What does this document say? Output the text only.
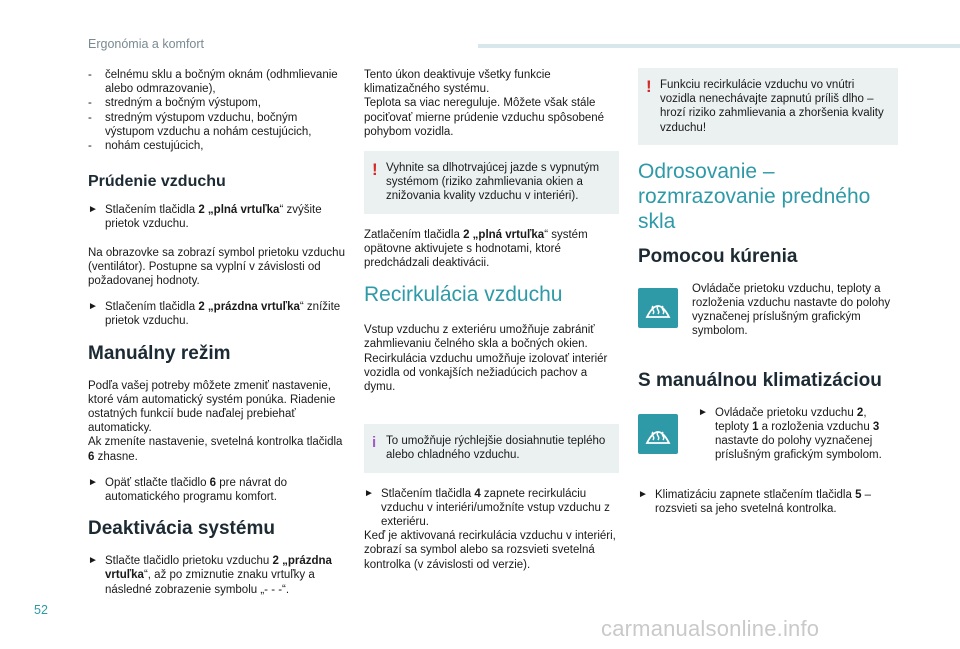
Ergonómia a komfort
- čelnému sklu a bočným oknám (odhmlievanie alebo odmrazovanie),
- stredným a bočným výstupom,
- stredným výstupom vzduchu, bočným výstupom vzduchu a nohám cestujúcich,
- nohám cestujúcich,
Prúdenie vzduchu
► Stlačením tlačidla 2 „plná vrtuľka“ zvýšite prietok vzduchu.

Na obrazovke sa zobrazí symbol prietoku vzduchu (ventilátor). Postupne sa vyplní v závislosti od požadovanej hodnoty.

► Stlačením tlačidla 2 „prázdna vrtuľka“ znížite prietok vzduchu.
Manuálny režim

Podľa vašej potreby môžete zmeniť nastavenie, ktoré vám automatický systém ponúka. Riadenie ostatných funkcií bude naďalej prebiehať automaticky.

Ak zmeníte nastavenie, svetelná kontrolka tlačidla 6 zhasne.

► Opäť stlačte tlačidlo 6 pre návrat do automatického programu komfort.
Deaktivácia systému
► Stlačte tlačidlo prietoku vzduchu 2 „prázdna vrtuľka“, až po zmiznutie znaku vrtuľky a následné zobrazenie symbolu „- - -“.

Tento úkon deaktivuje všetky funkcie klimatizačného systému.

Teplota sa viac nereguluje. Môžete však stále pociťovať mierne prúdenie vzduchu spôsobené pohybom vozidla.

! Vyhnite sa dlhotrvajúcej jazde s vypnutým systémom (riziko zahmlievania okien a znižovania kvality vzduchu v interiéri).

Zatlačením tlačidla 2 „plná vrtuľka“ systém opätovne aktivujete s hodnotami, ktoré predchádzali deaktivácii.

Recirkulácia vzduchu

Vstup vzduchu z exteriéru umožňuje zabrániť zahmlievaniu čelného skla a bočných okien.

Recirkulácia vzduchu umožňuje izolovať interiér vozidla od vonkajších nežiadúcich pachov a dymu.

i To umožňuje rýchlejšie dosiahnutie teplého alebo chladného vzduchu.
► Stlačením tlačidla 4 zapnete recirkuláciu vzduchu v interiéri/umožníte vstup vzduchu z exteriéru.

Keď je aktivovaná recirkulácia vzduchu v interiéri, zobrazí sa symbol alebo sa rozsvieti svetelná kontrolka (v závislosti od verzie).

! Funkciu recirkulácie vzduchu vo vnútri vozidla nenechávajte zapnutú príliš dlho – hrozí riziko zahmlievania a zhoršenia kvality vzduchu!
Odrosovanie – rozmrazovanie predného skla
Pomocou kúrenia
Ovládače prietoku vzduchu, teploty a rozloženia vzduchu nastavte do polohy vyznačenej príslušným grafickým symbolom.
S manuálnou klimatizáciou
► Ovládače prietoku vzduchu 2, teploty 1 a rozloženia vzduchu 3 nastavte do polohy vyznačenej príslušným grafickým symbolom.
► Klimatizáciu zapnete stlačením tlačidla 5 – rozsvieti sa jeho svetelná kontrolka.
52
carmanualsonline.info
